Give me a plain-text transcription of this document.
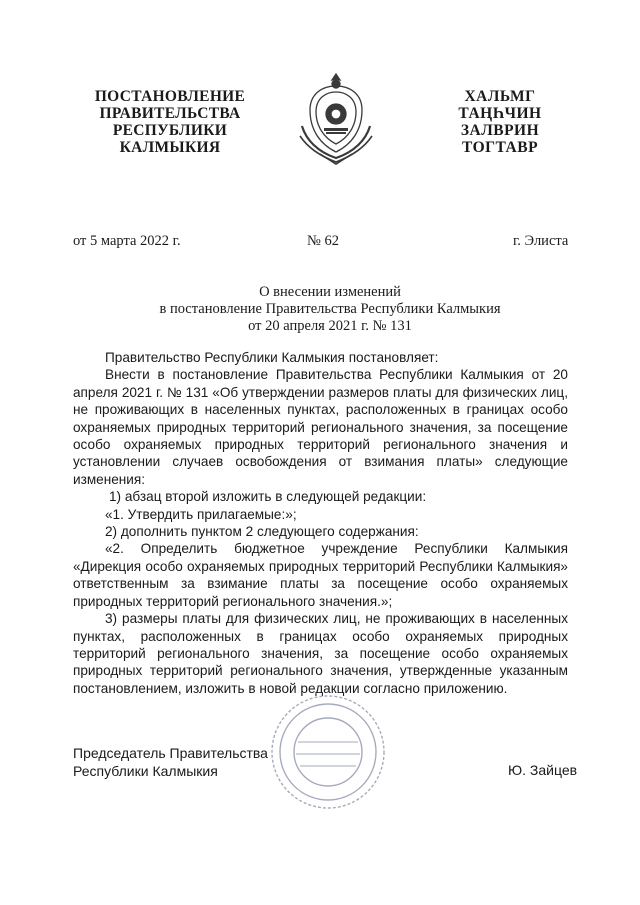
ПОСТАНОВЛЕНИЕ
ПРАВИТЕЛЬСТВА
РЕСПУБЛИКИ
КАЛМЫКИЯ
ХАЛЬМГ
ТАҢҺЧИН
ЗАЛВРИН
ТОГТАВР
от 5 марта 2022 г.	№ 62	г. Элиста
О внесении изменений
в постановление Правительства Республики Калмыкия
от 20 апреля 2021 г. № 131

Правительство Республики Калмыкия постановляет:

Внести в постановление Правительства Республики Калмыкия от 20 апреля 2021 г. № 131 «Об утверждении размеров платы для физических лиц, не проживающих в населенных пунктах, расположенных в границах особо охраняемых природных территорий регионального значения, за посещение особо охраняемых природных территорий регионального значения и установлении случаев освобождения от взимания платы» следующие изменения:

1) абзац второй изложить в следующей редакции:

«1. Утвердить прилагаемые:»;

2) дополнить пунктом 2 следующего содержания:

«2. Определить бюджетное учреждение Республики Калмыкия «Дирекция особо охраняемых природных территорий Республики Калмыкия» ответственным за взимание платы за посещение особо охраняемых природных территорий регионального значения.»;

3) размеры платы для физических лиц, не проживающих в населенных пунктах, расположенных в границах особо охраняемых природных территорий регионального значения, за посещение особо охраняемых природных территорий регионального значения, утвержденные указанным постановлением, изложить в новой редакции согласно приложению.

Председатель Правительства
Республики Калмыкия	Ю. Зайцев
